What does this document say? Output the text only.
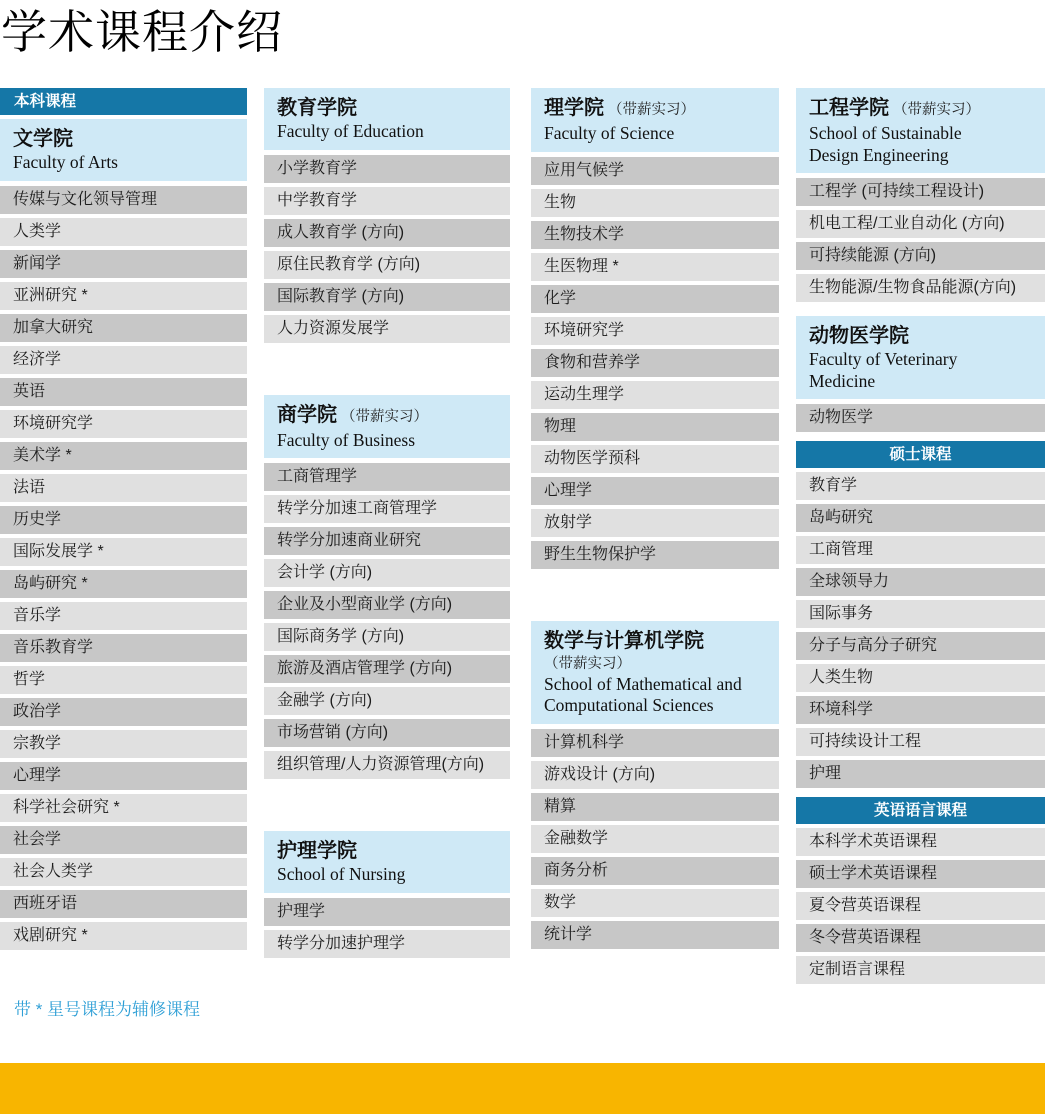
学术课程介绍
本科课程
文学院
Faculty of Arts
传媒与文化领导管理
人类学
新闻学
亚洲研究 *
加拿大研究
经济学
英语
环境研究学
美术学 *
法语
历史学
国际发展学 *
岛屿研究 *
音乐学
音乐教育学
哲学
政治学
宗教学
心理学
科学社会研究 *
社会学
社会人类学
西班牙语
戏剧研究 *
教育学院
Faculty of Education
小学教育学
中学教育学
成人教育学 (方向)
原住民教育学 (方向)
国际教育学 (方向)
人力资源发展学
商学院 （带薪实习）
Faculty of Business
工商管理学
转学分加速工商管理学
转学分加速商业研究
会计学 (方向)
企业及小型商业学 (方向)
国际商务学 (方向)
旅游及酒店管理学 (方向)
金融学 (方向)
市场营销 (方向)
组织管理/人力资源管理(方向)
护理学院
School of Nursing
护理学
转学分加速护理学
理学院 （带薪实习）
Faculty of Science
应用气候学
生物
生物技术学
生医物理 *
化学
环境研究学
食物和营养学
运动生理学
物理
动物医学预科
心理学
放射学
野生生物保护学
数学与计算机学院
（带薪实习）
School of Mathematical and
Computational Sciences
计算机科学
游戏设计 (方向)
精算
金融数学
商务分析
数学
统计学
工程学院 （带薪实习）
School of Sustainable
Design Engineering
工程学 (可持续工程设计)
机电工程/工业自动化 (方向)
可持续能源 (方向)
生物能源/生物食品能源(方向)
动物医学院
Faculty of Veterinary
Medicine
动物医学
硕士课程
教育学
岛屿研究
工商管理
全球领导力
国际事务
分子与高分子研究
人类生物
环境科学
可持续设计工程
护理
英语语言课程
本科学术英语课程
硕士学术英语课程
夏令营英语课程
冬令营英语课程
定制语言课程
带 * 星号课程为辅修课程
